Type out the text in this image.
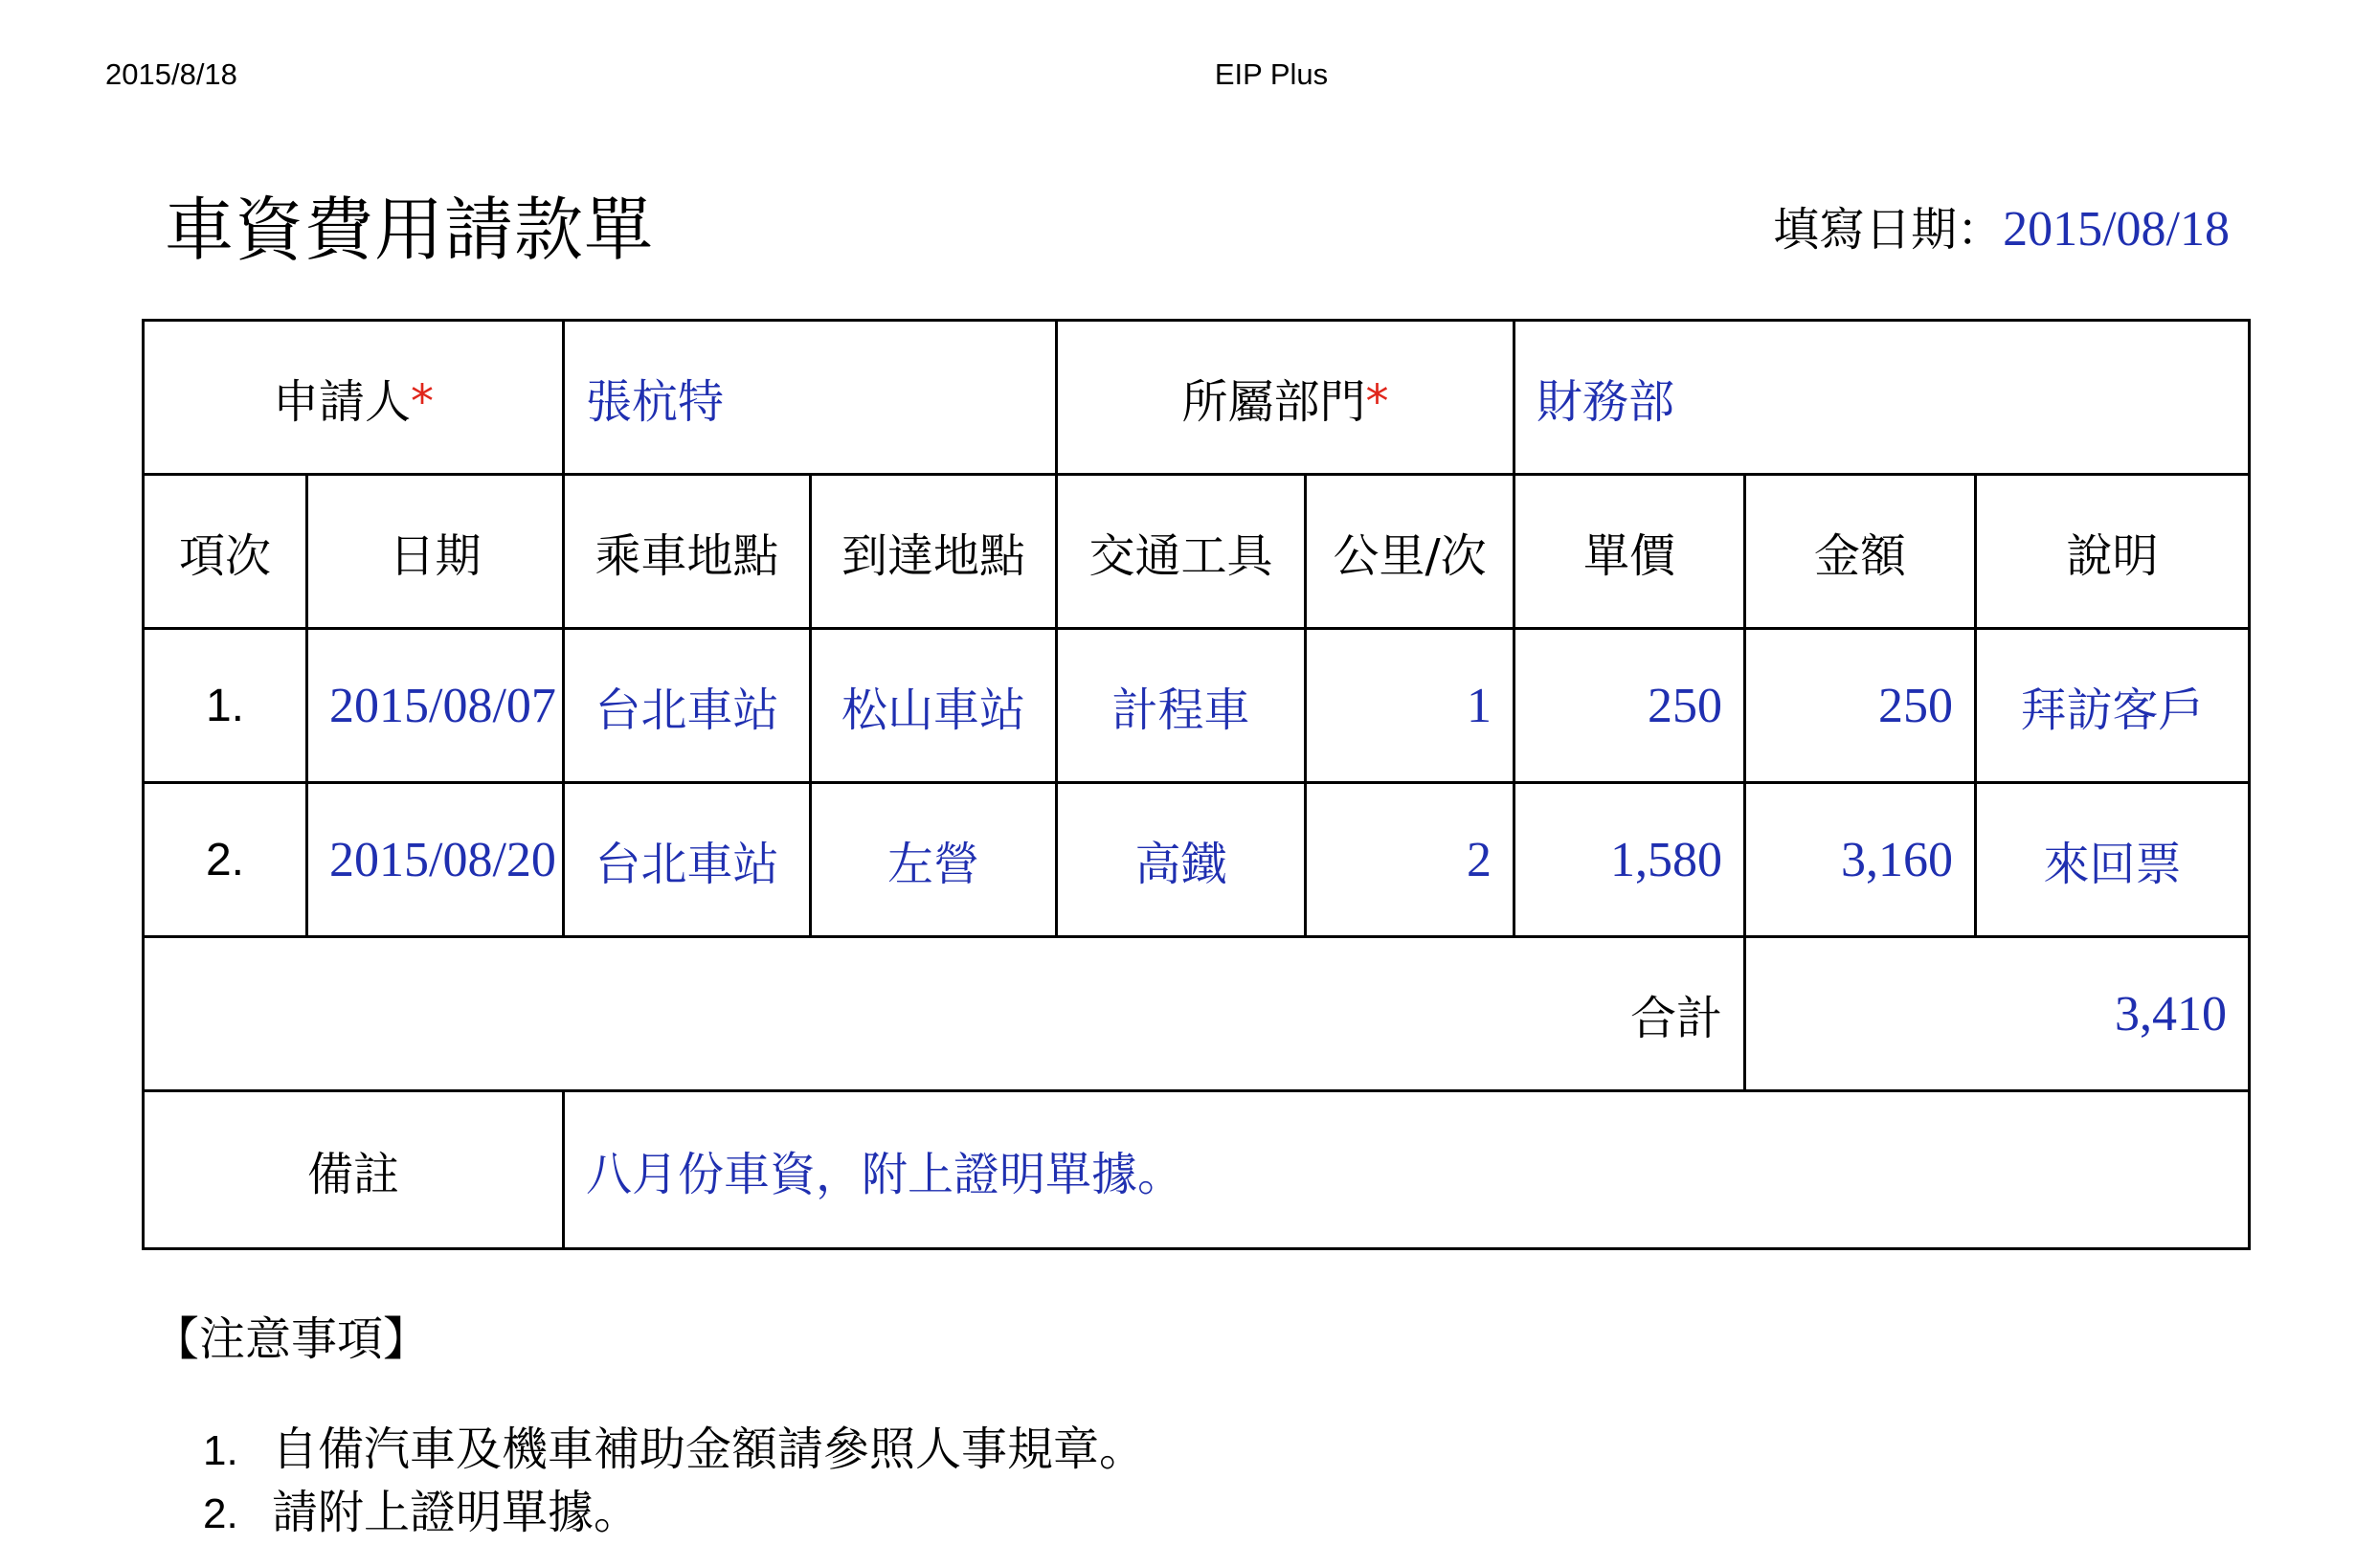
2015/8/18	EIP Plus
車資費用請款單	填寫日期：2015/08/18
申請人*		張杭特		所屬部門*		財務部		
項次	日期	乘車地點	到達地點	交通工具	公里/次	單價	金額	說明
1.	2015/08/07	台北車站	松山車站	計程車	1	250	250	拜訪客戶
2.	2015/08/20	台北車站	左營	高鐵	2	1,580	3,160	來回票
合計							3,410	
備註		八月份車資，附上證明單據。						
【注意事項】
1. 自備汽車及機車補助金額請參照人事規章。
2. 請附上證明單據。
